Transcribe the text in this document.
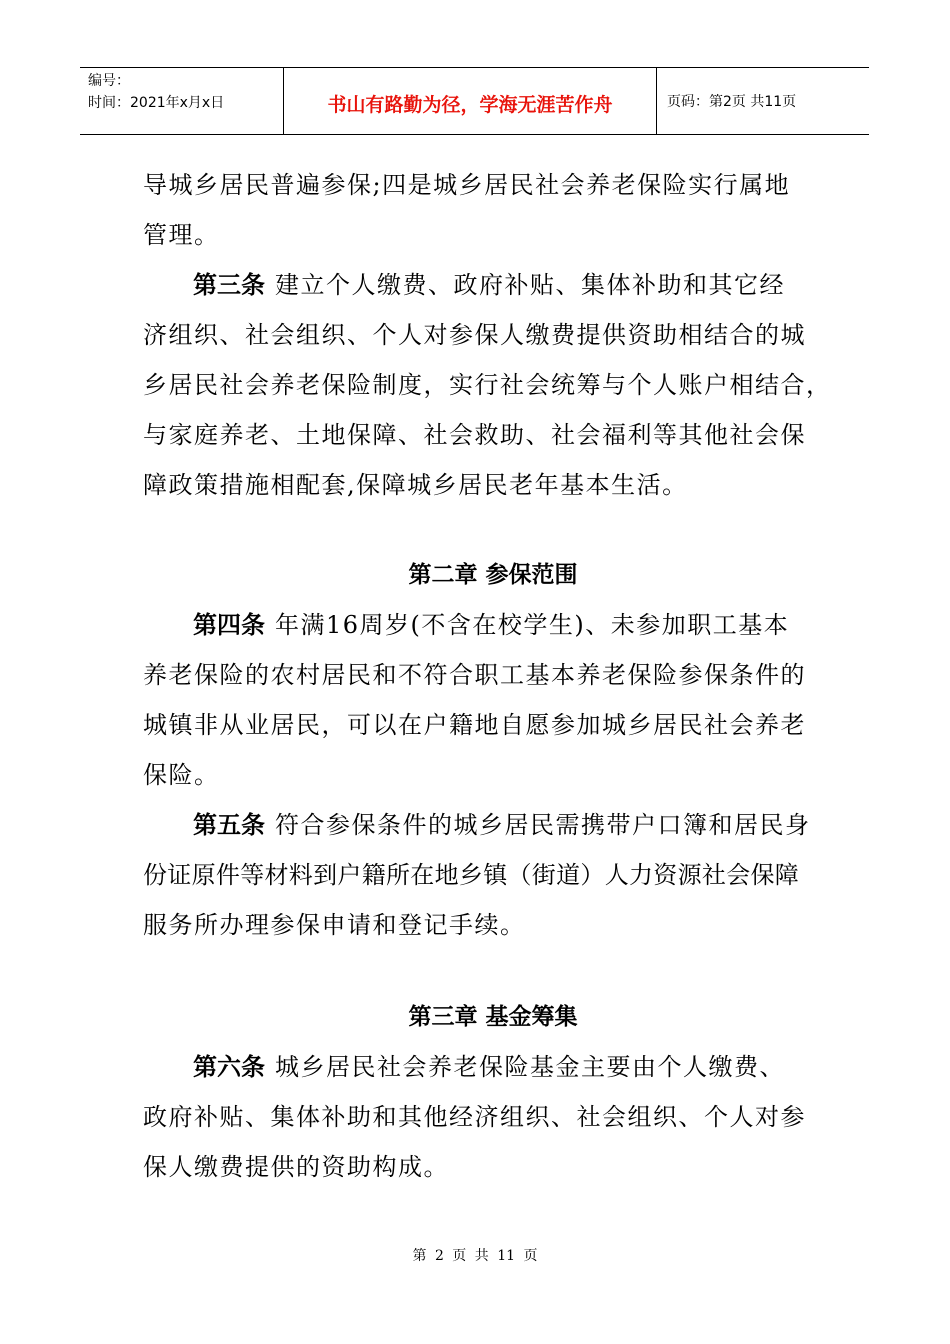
编号：
时间：2021年x月x日	书山有路勤为径，学海无涯苦作舟	页码：第2页 共11页

导城乡居民普遍参保;四是城乡居民社会养老保险实行属地
管理。

第三条 建立个人缴费、政府补贴、集体补助和其它经
济组织、社会组织、个人对参保人缴费提供资助相结合的城
乡居民社会养老保险制度，实行社会统筹与个人账户相结合，
与家庭养老、土地保障、社会救助、社会福利等其他社会保
障政策措施相配套,保障城乡居民老年基本生活。

第二章 参保范围

第四条 年满16周岁(不含在校学生)、未参加职工基本
养老保险的农村居民和不符合职工基本养老保险参保条件的
城镇非从业居民，可以在户籍地自愿参加城乡居民社会养老
保险。

第五条 符合参保条件的城乡居民需携带户口簿和居民身
份证原件等材料到户籍所在地乡镇（街道）人力资源社会保障
服务所办理参保申请和登记手续。

第三章 基金筹集

第六条 城乡居民社会养老保险基金主要由个人缴费、
政府补贴、集体补助和其他经济组织、社会组织、个人对参
保人缴费提供的资助构成。

第 2 页 共 11 页
